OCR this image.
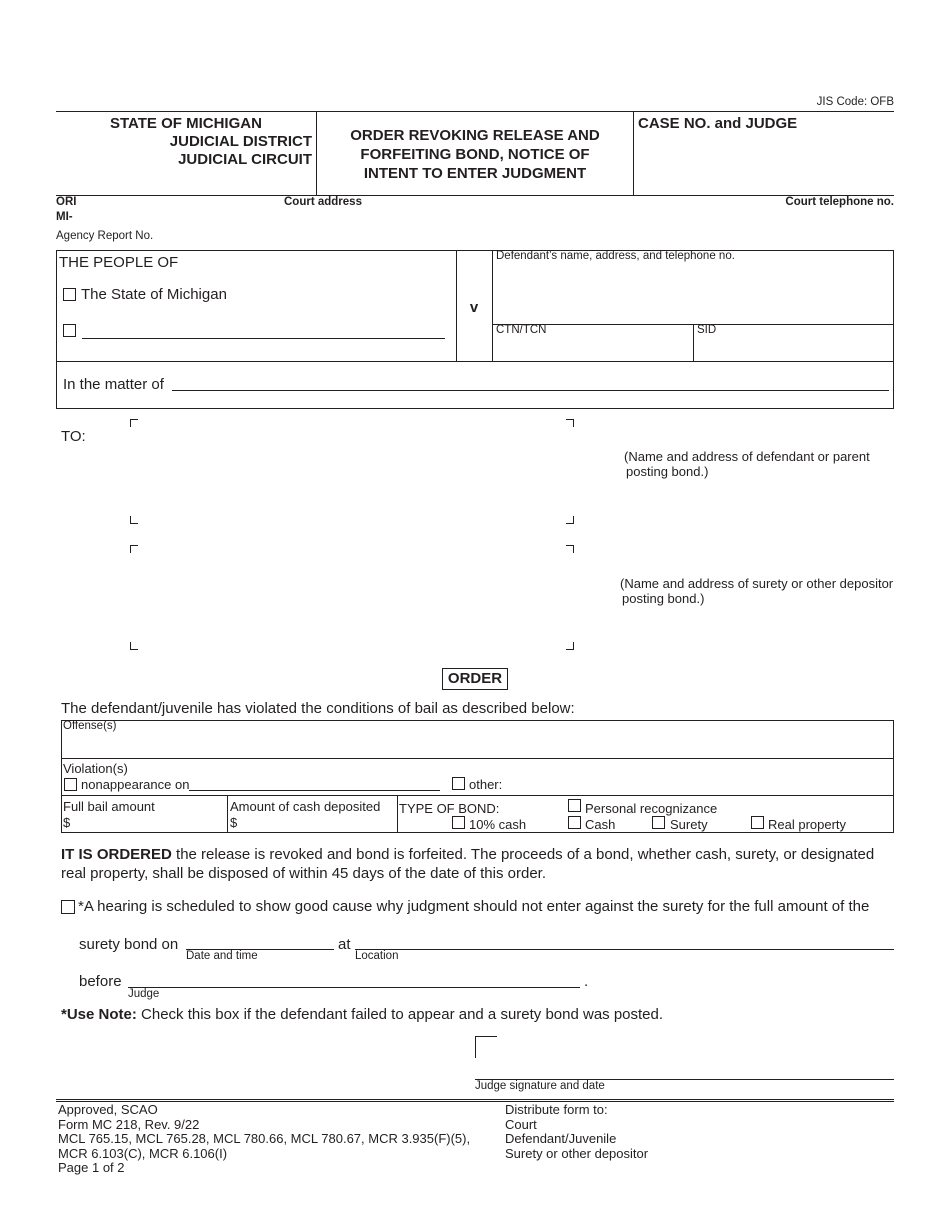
JIS Code: OFB
STATE OF MICHIGAN
JUDICIAL DISTRICT
JUDICIAL CIRCUIT
ORDER REVOKING RELEASE AND
FORFEITING BOND, NOTICE OF
INTENT TO ENTER JUDGMENT
CASE NO. and JUDGE
ORI
MI-
Court address	Court telephone no.
Agency Report No.
THE PEOPLE OF
The State of Michigan
v
Defendant’s name, address, and telephone no.
CTN/TCN	SID
In the matter of
TO:
(Name and address of defendant or parent
posting bond.)
(Name and address of surety or other depositor
posting bond.)
ORDER
The defendant/juvenile has violated the conditions of bail as described below:
Offense(s)
Violation(s)
nonappearance on	other:
Full bail amount
$
Amount of cash deposited
$
TYPE OF BOND:	Personal recognizance
10% cash	Cash	Surety	Real property
IT IS ORDERED the release is revoked and bond is forfeited. The proceeds of a bond, whether cash, surety, or designated
real property, shall be disposed of within 45 days of the date of this order.
*A hearing is scheduled to show good cause why judgment should not enter against the surety for the full amount of the
surety bond on
Date and time
at
Location
before	.
Judge
*Use Note: Check this box if the defendant failed to appear and a surety bond was posted.
Judge signature and date
Approved, SCAO
Form MC 218, Rev. 9/22
MCL 765.15, MCL 765.28, MCL 780.66, MCL 780.67, MCR 3.935(F)(5),
MCR 6.103(C), MCR 6.106(I)
Page 1 of 2
Distribute form to:
Court
Defendant/Juvenile
Surety or other depositor
